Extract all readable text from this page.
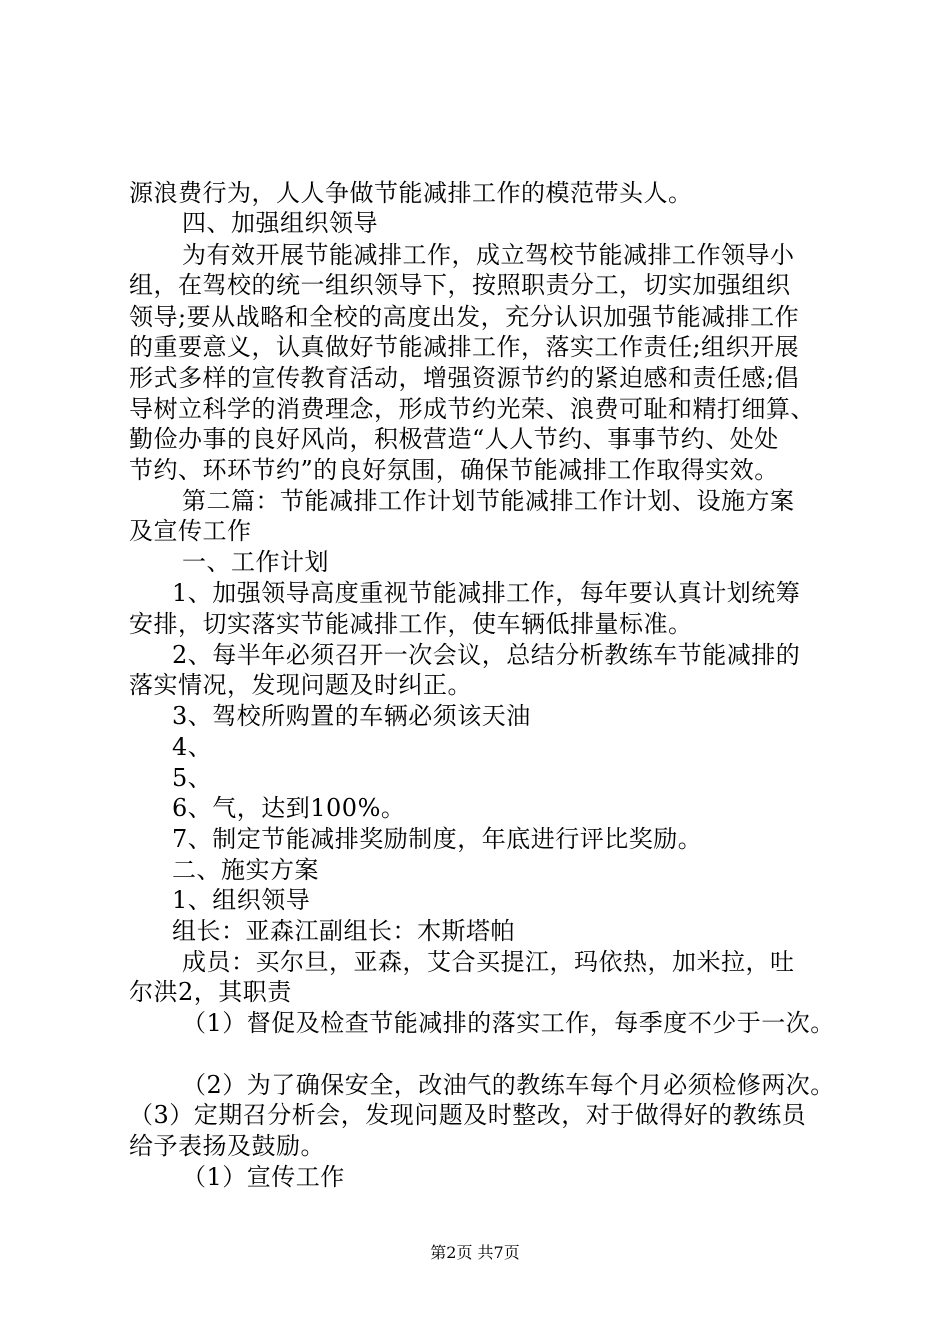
源浪费行为，人人争做节能减排工作的模范带头人。
四、加强组织领导
为有效开展节能减排工作，成立驾校节能减排工作领导小
组，在驾校的统一组织领导下，按照职责分工，切实加强组织
领导;要从战略和全校的高度出发，充分认识加强节能减排工作
的重要意义，认真做好节能减排工作，落实工作责任;组织开展
形式多样的宣传教育活动，增强资源节约的紧迫感和责任感;倡
导树立科学的消费理念，形成节约光荣、浪费可耻和精打细算、
勤俭办事的良好风尚，积极营造“人人节约、事事节约、处处
节约、环环节约”的良好氛围，确保节能减排工作取得实效。
第二篇：节能减排工作计划节能减排工作计划、设施方案
及宣传工作
一、工作计划
1、加强领导高度重视节能减排工作，每年要认真计划统筹
安排，切实落实节能减排工作，使车辆低排量标准。
2、每半年必须召开一次会议，总结分析教练车节能减排的
落实情况，发现问题及时纠正。
3、驾校所购置的车辆必须该天油
4、
5、
6、气，达到100%。
7、制定节能减排奖励制度，年底进行评比奖励。
二、施实方案
1、组织领导
组长：亚森江副组长：木斯塔帕
成员：买尔旦，亚森，艾合买提江，玛依热，加米拉，吐
尔洪2，其职责
（1）督促及检查节能减排的落实工作，每季度不少于一次。
（2）为了确保安全，改油气的教练车每个月必须检修两次。
（3）定期召分析会，发现问题及时整改，对于做得好的教练员
给予表扬及鼓励。
（1）宣传工作
第2页 共7页
